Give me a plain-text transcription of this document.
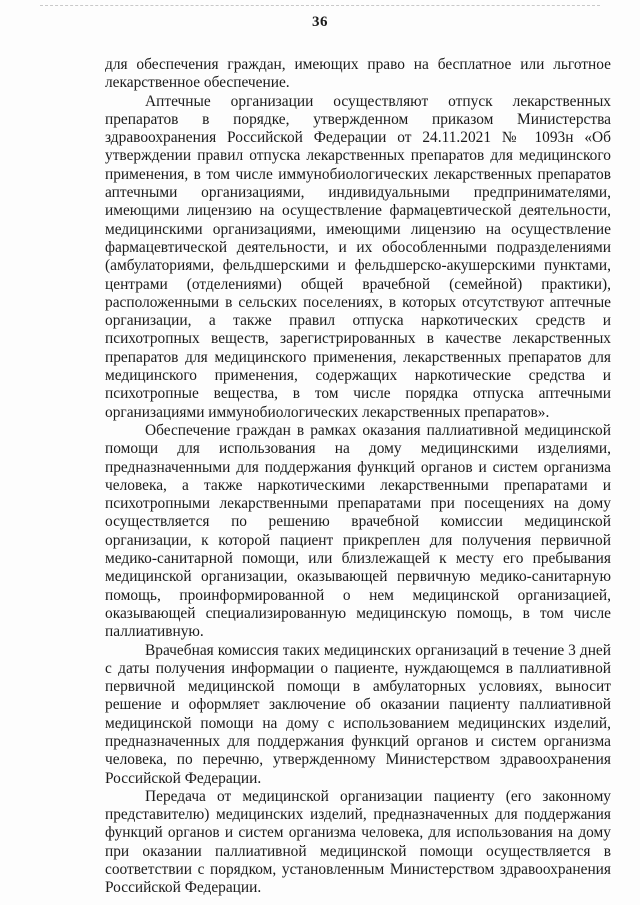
36

для обеспечения граждан, имеющих право на бесплатное или льготное лекарственное обеспечение.

Аптечные организации осуществляют отпуск лекарственных препаратов в порядке, утвержденном приказом Министерства здравоохранения Российской Федерации от 24.11.2021 № 1093н «Об утверждении правил отпуска лекарственных препаратов для медицинского применения, в том числе иммунобиологических лекарственных препаратов аптечными организациями, индивидуальными предпринимателями, имеющими лицензию на осуществление фармацевтической деятельности, медицинскими организациями, имеющими лицензию на осуществление фармацевтической деятельности, и их обособленными подразделениями (амбулаториями, фельдшерскими и фельдшерско-акушерскими пунктами, центрами (отделениями) общей врачебной (семейной) практики), расположенными в сельских поселениях, в которых отсутствуют аптечные организации, а также правил отпуска наркотических средств и психотропных веществ, зарегистрированных в качестве лекарственных препаратов для медицинского применения, лекарственных препаратов для медицинского применения, содержащих наркотические средства и психотропные вещества, в том числе порядка отпуска аптечными организациями иммунобиологических лекарственных препаратов».

Обеспечение граждан в рамках оказания паллиативной медицинской помощи для использования на дому медицинскими изделиями, предназначенными для поддержания функций органов и систем организма человека, а также наркотическими лекарственными препаратами и психотропными лекарственными препаратами при посещениях на дому осуществляется по решению врачебной комиссии медицинской организации, к которой пациент прикреплен для получения первичной медико-санитарной помощи, или близлежащей к месту его пребывания медицинской организации, оказывающей первичную медико-санитарную помощь, проинформированной о нем медицинской организацией, оказывающей специализированную медицинскую помощь, в том числе паллиативную.

Врачебная комиссия таких медицинских организаций в течение 3 дней с даты получения информации о пациенте, нуждающемся в паллиативной первичной медицинской помощи в амбулаторных условиях, выносит решение и оформляет заключение об оказании пациенту паллиативной медицинской помощи на дому с использованием медицинских изделий, предназначенных для поддержания функций органов и систем организма человека, по перечню, утвержденному Министерством здравоохранения Российской Федерации.

Передача от медицинской организации пациенту (его законному представителю) медицинских изделий, предназначенных для поддержания функций органов и систем организма человека, для использования на дому при оказании паллиативной медицинской помощи осуществляется в соответствии с порядком, установленным Министерством здравоохранения Российской Федерации.
